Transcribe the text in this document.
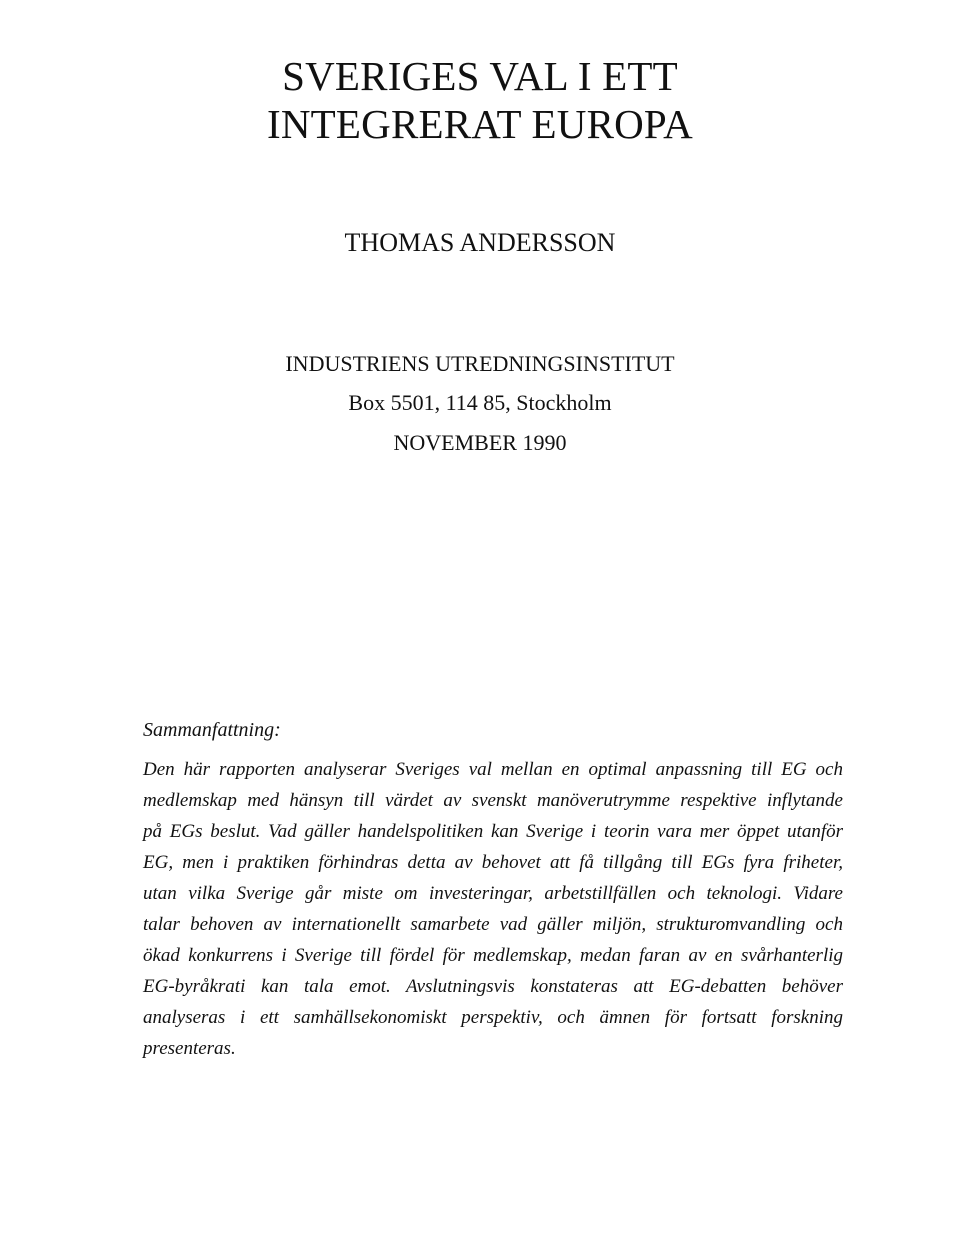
SVERIGES VAL I ETT
INTEGRERAT EUROPA
THOMAS ANDERSSON
INDUSTRIENS UTREDNINGSINSTITUT
Box 5501, 114 85, Stockholm
NOVEMBER 1990
Sammanfattning:
Den här rapporten analyserar Sveriges val mellan en optimal anpassning till EG och
medlemskap med hänsyn till värdet av svenskt manöverutrymme respektive inflytande
på EGs beslut. Vad gäller handelspolitiken kan Sverige i teorin vara mer öppet utanför
EG, men i praktiken förhindras detta av behovet att få tillgång till EGs fyra friheter,
utan vilka Sverige går miste om investeringar, arbetstillfällen och teknologi. Vidare
talar behoven av internationellt samarbete vad gäller miljön, strukturomvandling och
ökad konkurrens i Sverige till fördel för medlemskap, medan faran av en svårhanterlig
EG-byråkrati kan tala emot. Avslutningsvis konstateras att EG-debatten behöver
analyseras i ett samhällsekonomiskt perspektiv, och ämnen för fortsatt forskning
presenteras.
